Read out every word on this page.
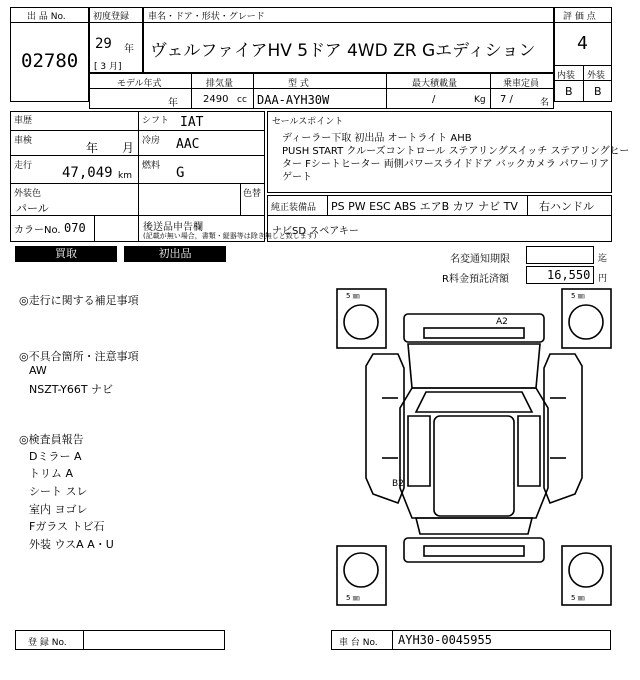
出 品 No.
02780
初度登録
29 年
[ 3 月]
車名・ドア・形状・グレード
ヴェルファイアHV 5ドア 4WD ZR Gエディション
評 価 点
4
内装 外装
B B
モデル年式
年
排気量
2490 cc
型 式
DAA-AYH30W
最大積載量
/	Kg
乗車定員
7 /	名
車歴
車検	年 月
走行 47,049 km
シフト IAT
冷房 AAC
燃料 G
外装色
パール
色替
カラーNo. 070	後送品申告欄
(記載が無い場合，書類・縦器等は除き無しと致します)
セールスポイント
ディーラー下取 初出品 オートライト AHB
PUSH START クルーズコントロール ステアリングスイッチ ステアリングヒー
ター Fシートヒーター 両側パワースライドドア バックカメラ パワーリア
ゲート
純正装備品 PS PW ESC ABS エアB カワ ナビ TV 右ハンドル
ナビSD スペアキー
買取	初出品	名変通知期限	迄
R料金預託済額	16,550 円
◎走行に関する補足事項
◎不具合箇所・注意事項
AW
NSZT-Y66T ナビ
◎検査員報告
Dミラー A
トリム A
シート スレ
室内 ヨゴレ
Fガラス トビ石
外装 ウスA A・U
5 ㎜	5 ㎜
5 ㎜	5 ㎜
A2
B2
登 録 No.	車 台 No. AYH30-0045955
